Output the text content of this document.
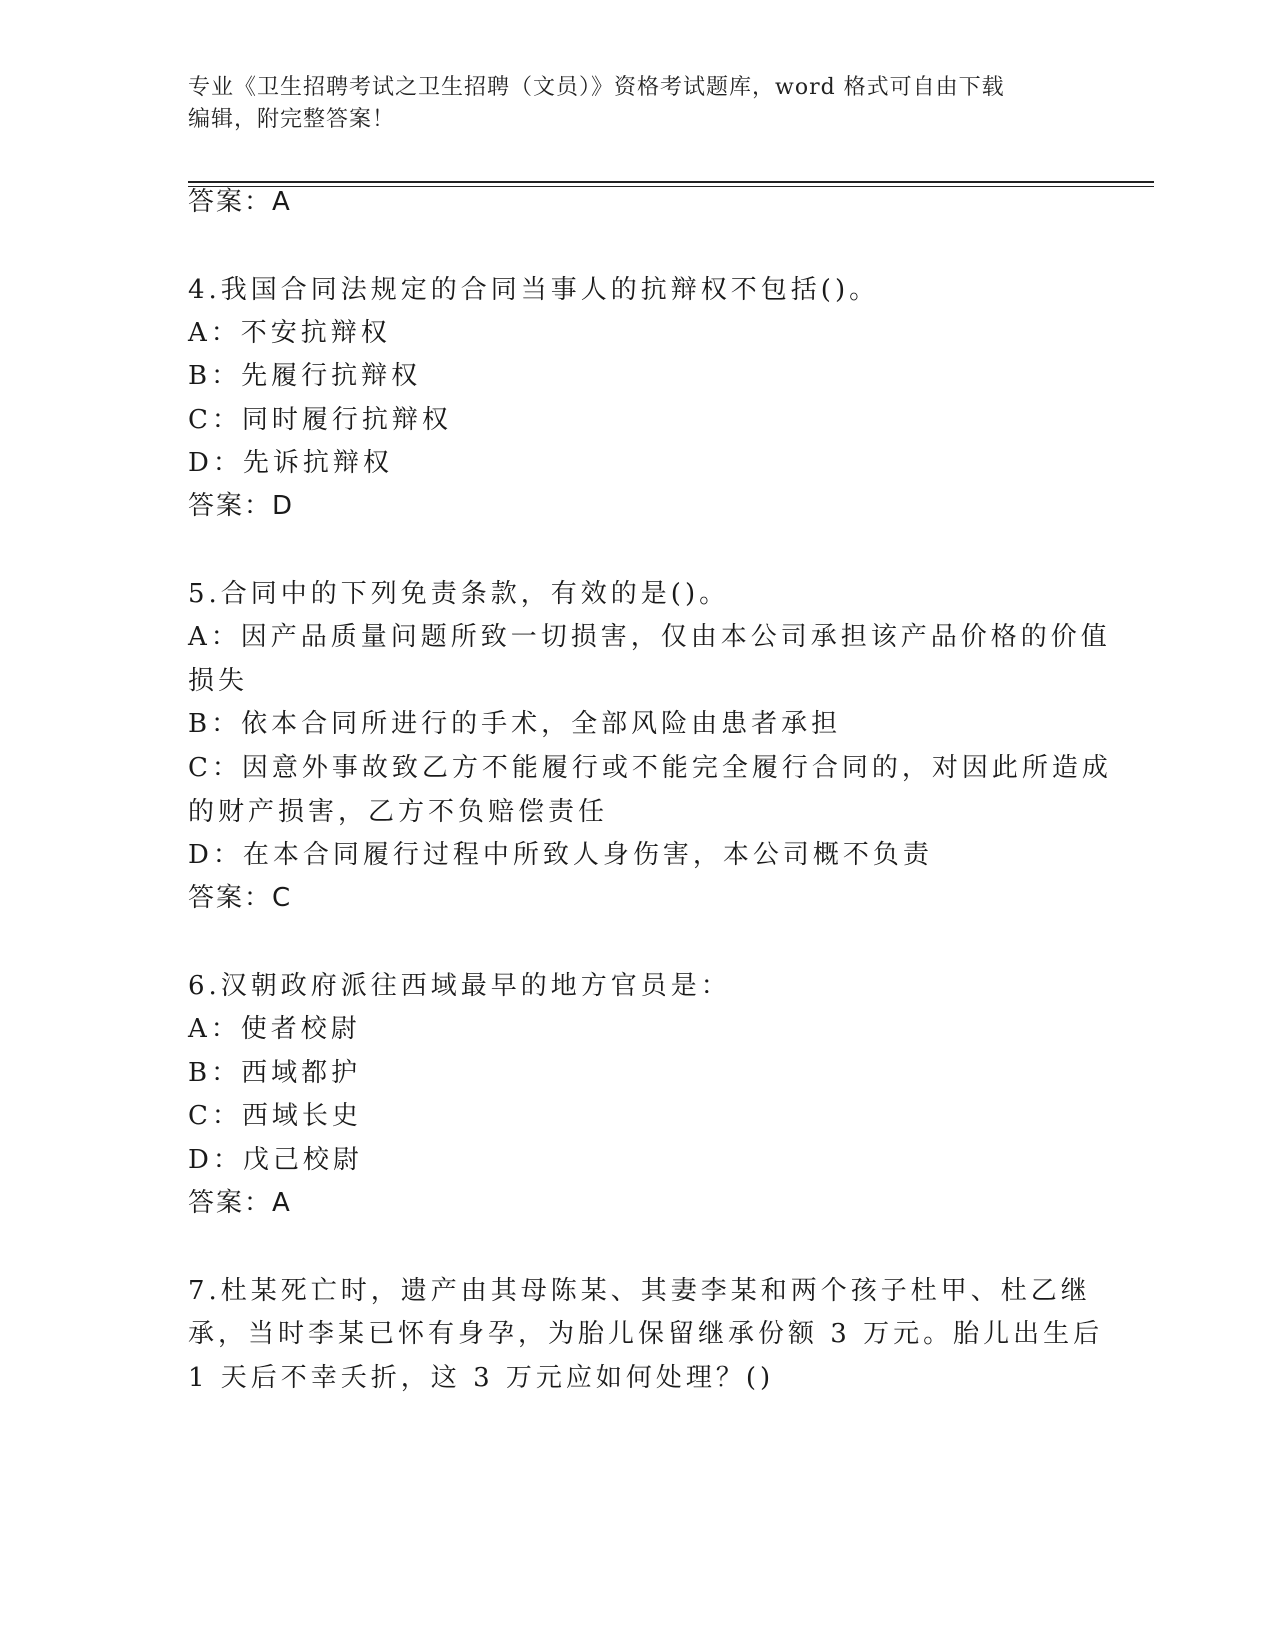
专业《卫生招聘考试之卫生招聘（文员）》资格考试题库，word 格式可自由下载
编辑，附完整答案！
答案：A
4.我国合同法规定的合同当事人的抗辩权不包括()。
A：不安抗辩权
B：先履行抗辩权
C：同时履行抗辩权
D：先诉抗辩权
答案：D
5.合同中的下列免责条款，有效的是()。
A：因产品质量问题所致一切损害，仅由本公司承担该产品价格的价值
损失
B：依本合同所进行的手术，全部风险由患者承担
C：因意外事故致乙方不能履行或不能完全履行合同的，对因此所造成
的财产损害，乙方不负赔偿责任
D：在本合同履行过程中所致人身伤害，本公司概不负责
答案：C
6.汉朝政府派往西域最早的地方官员是：
A：使者校尉
B：西域都护
C：西域长史
D：戊己校尉
答案：A
7.杜某死亡时，遗产由其母陈某、其妻李某和两个孩子杜甲、杜乙继
承，当时李某已怀有身孕，为胎儿保留继承份额 3 万元。胎儿出生后
1 天后不幸夭折，这 3 万元应如何处理？()
